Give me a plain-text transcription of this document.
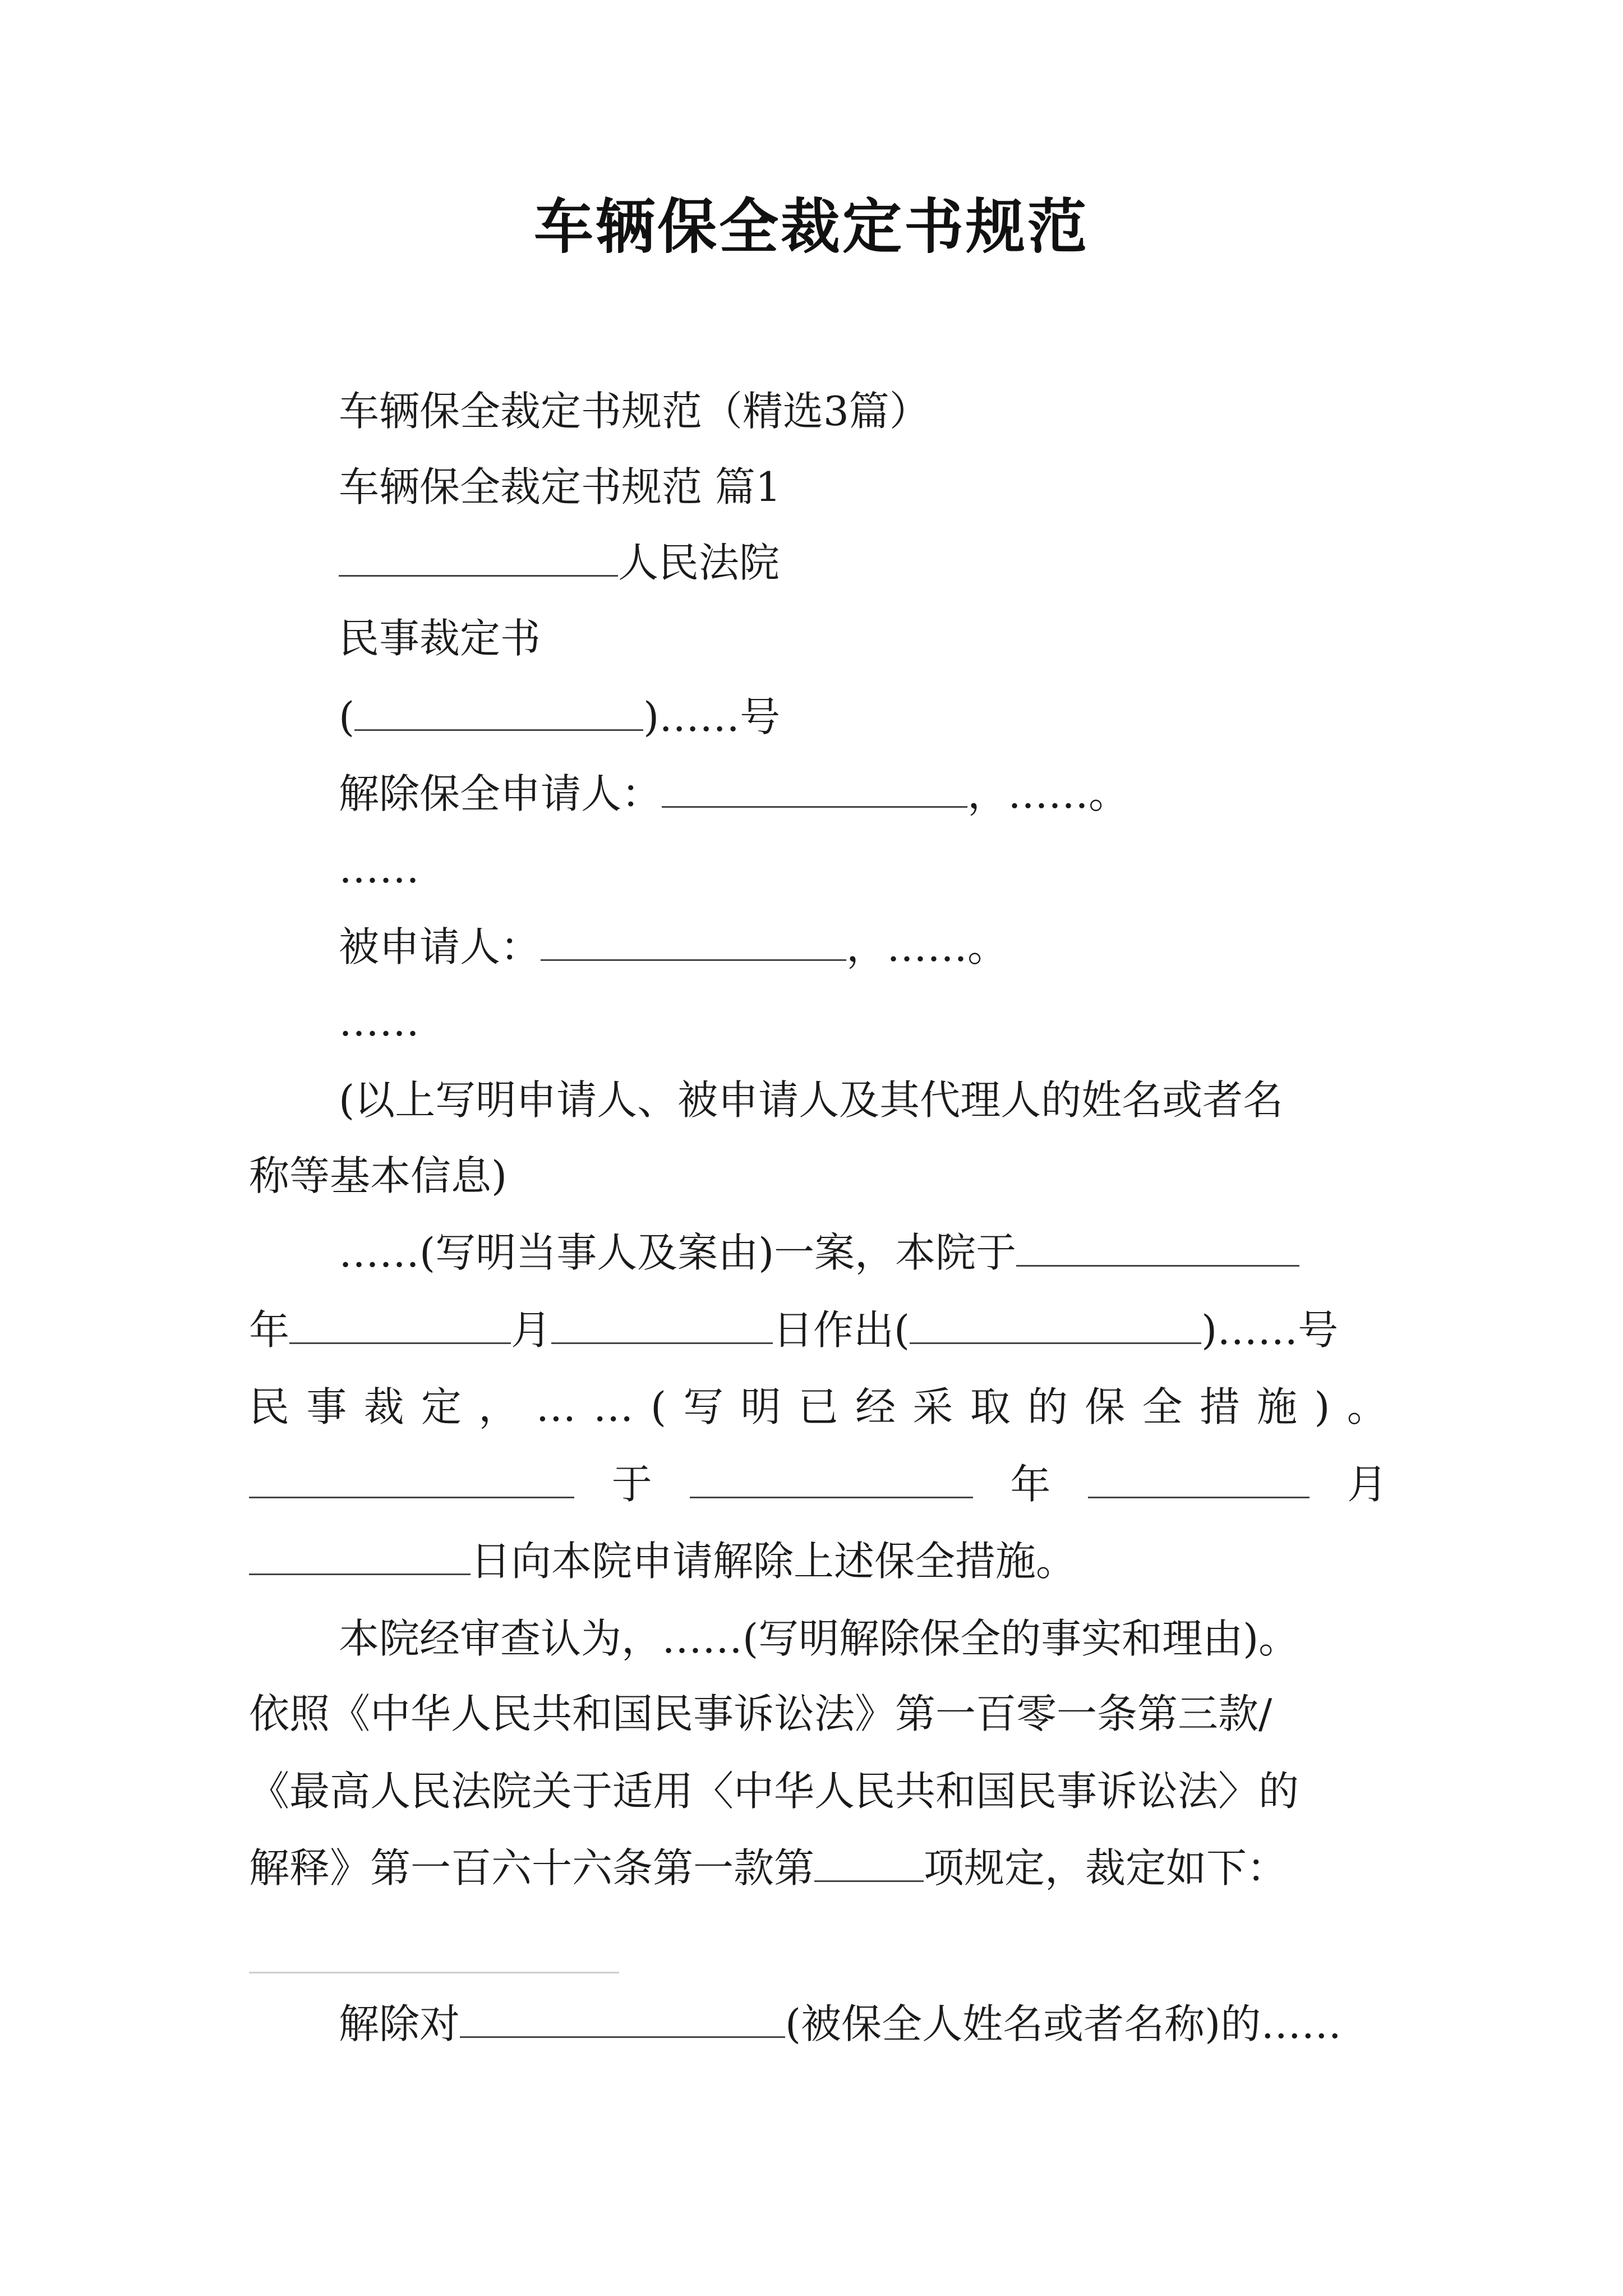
车辆保全裁定书规范
车辆保全裁定书规范（精选3篇）
车辆保全裁定书规范 篇1
人民法院
民事裁定书
(	)……号
解除保全申请人：	，……。
……
被申请人：	，……。
……
(以上写明申请人、被申请人及其代理人的姓名或者名
称等基本信息)
……(写明当事人及案由)一案，本院于
年	月	日作出(	)……号
民 事 裁 定 ， … … ( 写 明 已 经 采 取 的 保 全 措 施 ) 。
于	年	月
日向本院申请解除上述保全措施。
本院经审查认为，……(写明解除保全的事实和理由)。
依照《中华人民共和国民事诉讼法》第一百零一条第三款/
《最高人民法院关于适用〈中华人民共和国民事诉讼法〉的
解释》第一百六十六条第一款第	项规定，裁定如下：
解除对	(被保全人姓名或者名称)的……
